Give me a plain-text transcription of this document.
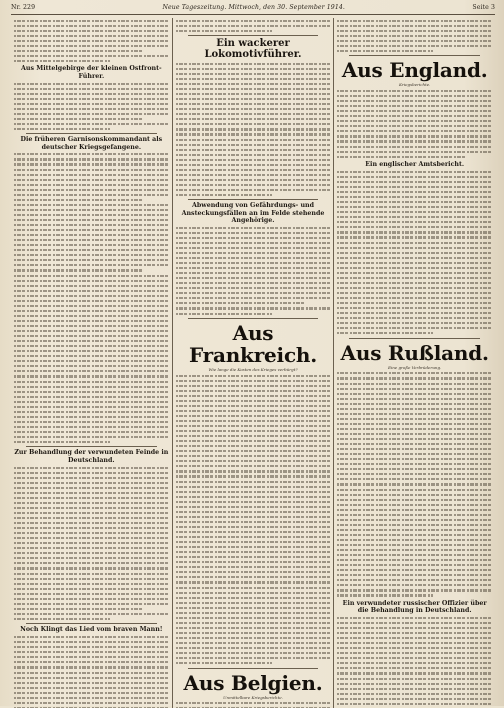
Nr. 229	Neue Tageszeitung. Mittwoch, den 30. September 1914.	Seite 3
Aus Mittelgebirge der kleinen Ostfront-Führer.
Die früheren Garnisonskommandant als deutscher Kriegsgefangene.
Zur Behandlung der verwundeten Feinde in Deutschland.
Noch Klingt das Lied vom braven Mann!
Ein wackerer Lokomotivführer.
Abwendung von Gefährdungs- und Ansteckungsfällen an im Felde stehende Angehörige.
Aus Frankreich.
Wie lange die Kosten des Krieges verbürgt?
Aus Belgien.
Unmittelbare Kriegsberichte.
Aus England.
Kriegsberichte.
Ein englischer Amtsbericht.
Aus Rußland.
Eine große Verbrüderung.
Ein verwundeter russischer Offizier über die Behandlung in Deutschland.
